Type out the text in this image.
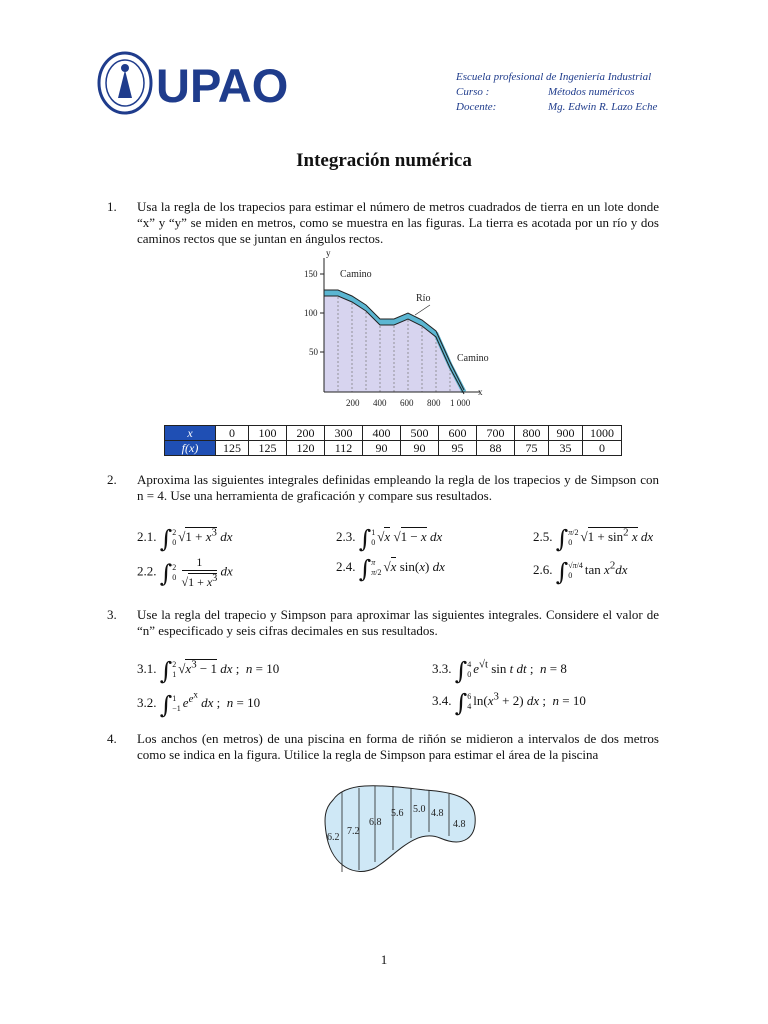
UPAO	Escuela profesional de Ingeniería Industrial
Curso :	Métodos numéricos
Docente:	Mg. Edwin R. Lazo Eche
Integración numérica
1. Usa la regla de los trapecios para estimar el número de metros cuadrados de tierra en un lote donde “x” y “y” se miden en metros, como se muestra en las figuras. La tierra es acotada por un río y dos caminos rectos que se juntan en ángulos rectos.
y
x
150
100
50
200 400 600 800 1 000
Camino
Río
Camino
x	0	100	200	300	400	500	600	700	800	900	1000
f(x)	125	125	120	112	90	90	95	88	75	35	0
2. Aproxima las siguientes integrales definidas empleando la regla de los trapecios y de Simpson con n = 4. Use una herramienta de graficación y compare sus resultados.
2.1. ∫2
0 $√1 + x^3$ dx
2.2. ∫2
$0 \frac{1}{√1 + x^3}$ dx
2.3. ∫1
0 √x √1 − x dx
2.4. ∫π
π/2 √x sin(x) dx
2.5. ∫π/2
0 $√1 + \sin^2 x$ dx
2.6. ∫√π/4
0 $\tan x^2dx$
3. Use la regla del trapecio y Simpson para aproximar las siguientes integrales. Considere el valor de “n” especificado y seis cifras decimales en sus resultados.
3.1. ∫2
1 $√x^3 - 1$ dx ;  n = 10
3.2. ∫1
−1 $e^{e^x}$ dx ;  n = 10
3.3. ∫4
0 $e^{√t}$ sin t dt ;  n = 8
3.4. ∫6
4 $\ln(x^3 + 2)$ dx ;  n = 10
4. Los anchos (en metros) de una piscina en forma de riñón se midieron a intervalos de dos metros como se indica en la figura. Utilice la regla de Simpson para estimar el área de la piscina
6.2
7.2
6.8
5.6 5.0 4.8
4.8
1
